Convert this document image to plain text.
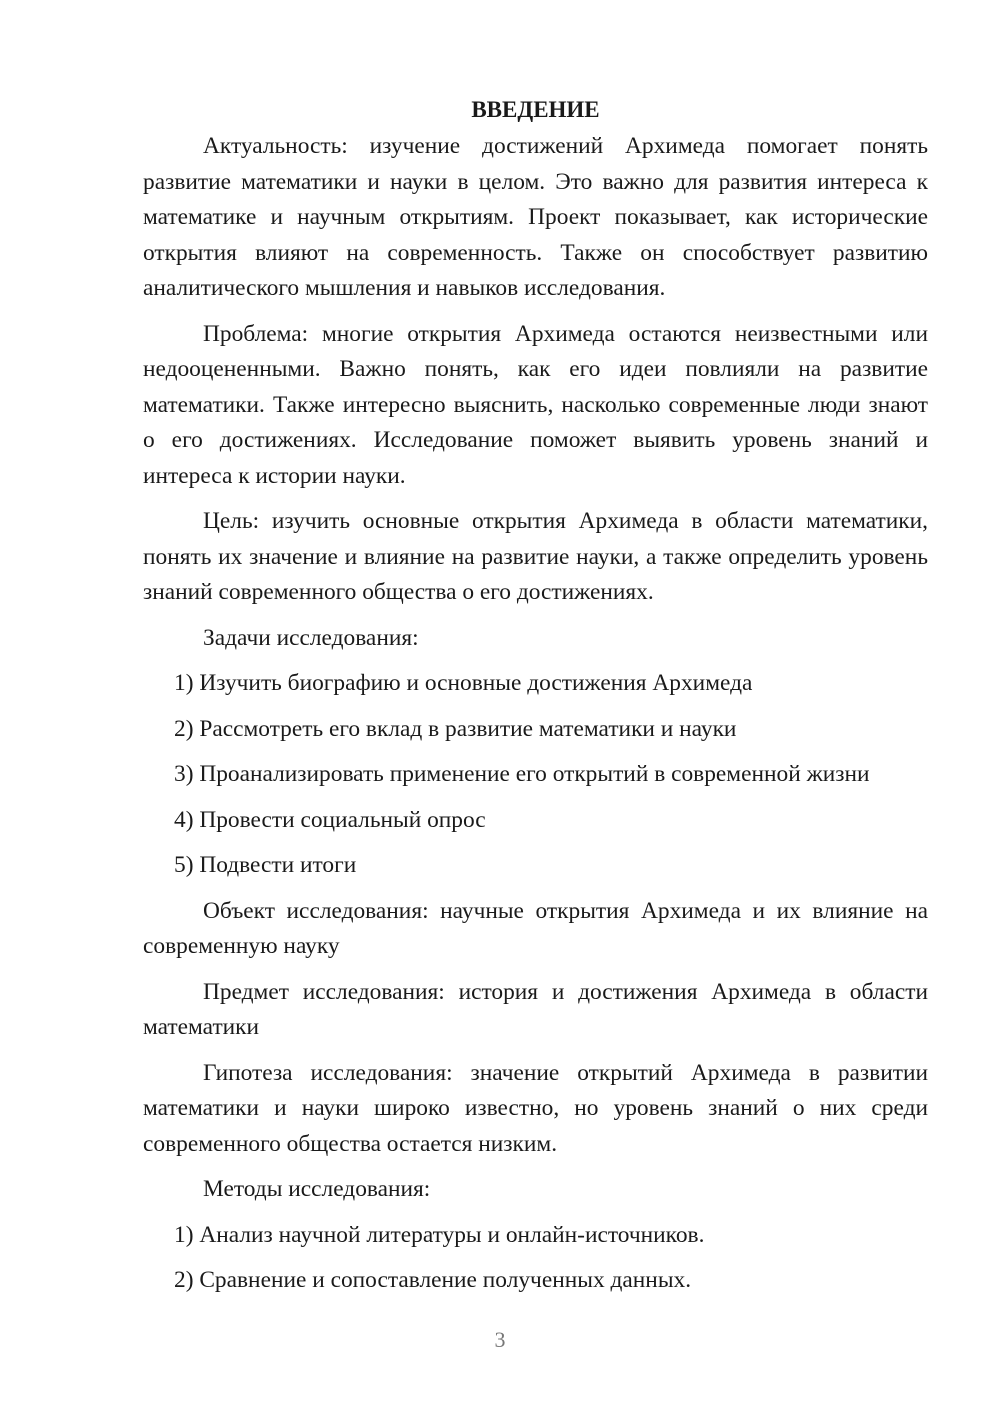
ВВЕДЕНИЕ

Актуальность: изучение достижений Архимеда помогает понять развитие математики и науки в целом. Это важно для развития интереса к математике и научным открытиям. Проект показывает, как исторические открытия влияют на современность. Также он способствует развитию аналитического мышления и навыков исследования.

Проблема: многие открытия Архимеда остаются неизвестными или недооцененными. Важно понять, как его идеи повлияли на развитие математики. Также интересно выяснить, насколько современные люди знают о его достижениях. Исследование поможет выявить уровень знаний и интереса к истории науки.

Цель: изучить основные открытия Архимеда в области математики, понять их значение и влияние на развитие науки, а также определить уровень знаний современного общества о его достижениях.

Задачи исследования:
1) Изучить биографию и основные достижения Архимеда
2) Рассмотреть его вклад в развитие математики и науки
3) Проанализировать применение его открытий в современной жизни
4) Провести социальный опрос
5) Подвести итоги

Объект исследования: научные открытия Архимеда и их влияние на современную науку

Предмет исследования: история и достижения Архимеда в области математики

Гипотеза исследования: значение открытий Архимеда в развитии математики и науки широко известно, но уровень знаний о них среди современного общества остается низким.

Методы исследования:
1) Анализ научной литературы и онлайн-источников.
2) Сравнение и сопоставление полученных данных.
3
